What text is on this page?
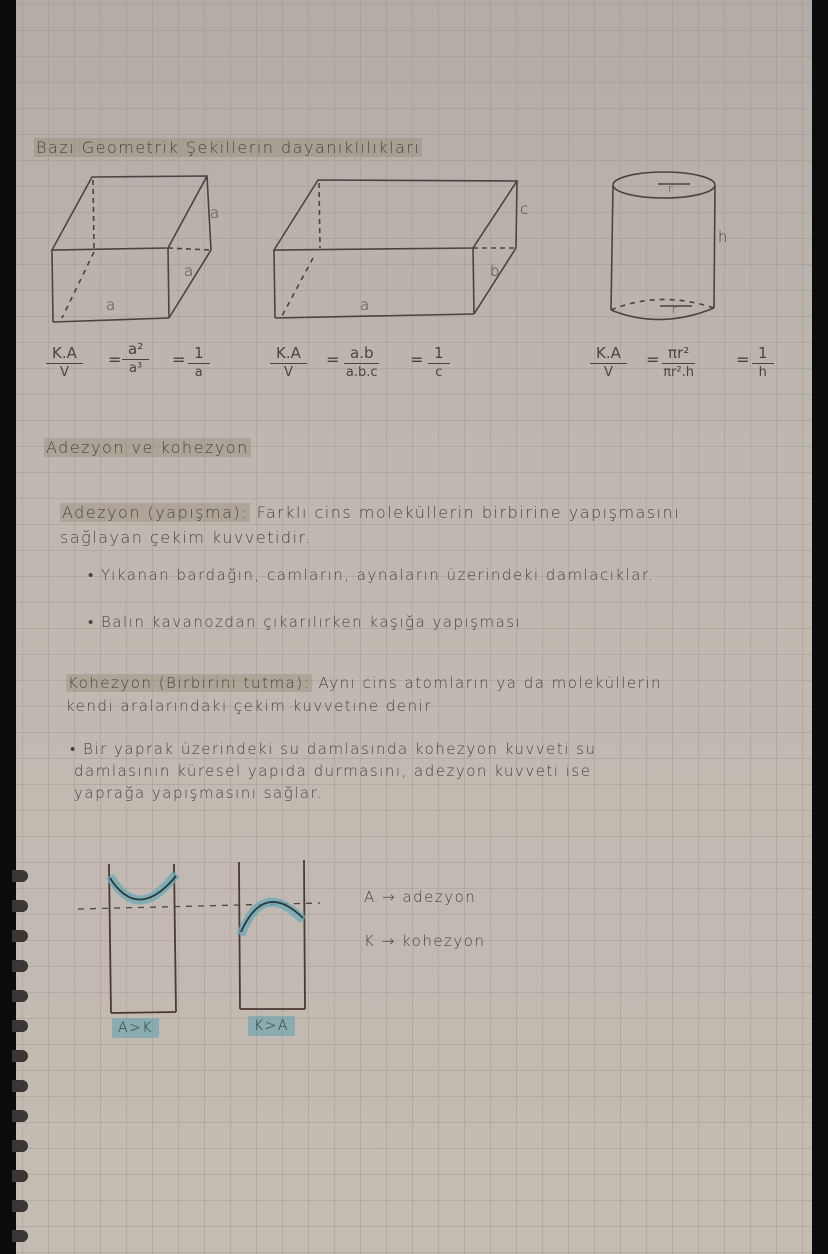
Bazı Geometrik Şekillerin dayanıklılıkları
a
a
a
c
b
a
r
h
r
$\frac{K.A}{V} = \frac{\text{a²}}{\text{a³}} = \frac{1}{a}$	$\frac{K.A}{V} = \frac{a.b}{a.b.c} = \frac{1}{c}$	$\frac{K.A}{V} = \frac{\text{πr²}}{\text{πr².h}}$	= $\frac{1}{h}$
Adezyon ve kohezyon
Adezyon (yapışma): Farklı cins moleküllerin birbirine yapışmasını
sağlayan çekim kuvvetidir.
• Yıkanan bardağın, camların, aynaların üzerindeki damlacıklar.
• Balın kavanozdan çıkarılırken kaşığa yapışması
Kohezyon (Birbirini tutma): Aynı cins atomların ya da moleküllerin
kendi aralarındaki çekim kuvvetine denir
• Bir yaprak üzerindeki su damlasında kohezyon kuvveti su
damlasının küresel yapıda durmasını, adezyon kuvveti ise
yaprağa yapışmasını sağlar.
A>K	K>A
A → adezyon
K → kohezyon
